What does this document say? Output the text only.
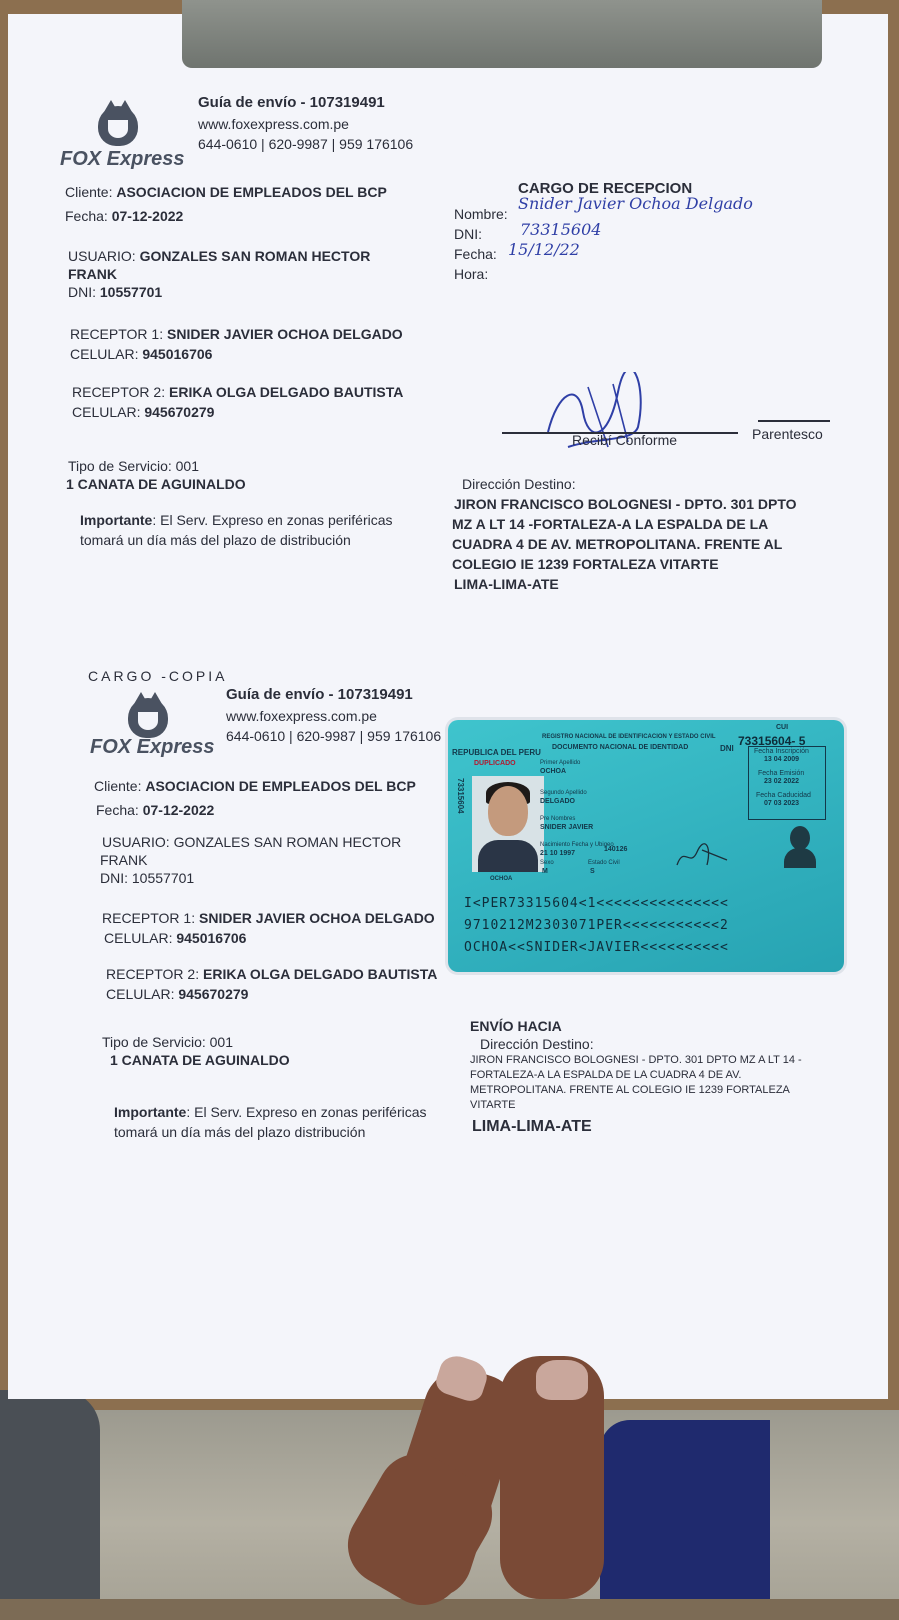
FOX Express
Guía de envío - 107319491
www.foxexpress.com.pe
644-0610 | 620-9987 | 959 176106
Cliente: ASOCIACION DE EMPLEADOS DEL BCP
Fecha: 07-12-2022
USUARIO: GONZALES SAN ROMAN HECTOR
FRANK
DNI: 10557701
RECEPTOR 1: SNIDER JAVIER OCHOA DELGADO
CELULAR: 945016706
RECEPTOR 2: ERIKA OLGA DELGADO BAUTISTA
CELULAR: 945670279
Tipo de Servicio: 001
1 CANATA DE AGUINALDO
Importante: El Serv. Expreso en zonas periféricas
tomará un día más del plazo de distribución
CARGO DE RECEPCION
Nombre:
Snider Javier Ochoa Delgado
DNI: 73315604
Fecha: 15/12/22
Hora:
Recibí Conforme	Parentesco
Dirección Destino:
JIRON FRANCISCO BOLOGNESI - DPTO. 301 DPTO
MZ A LT 14 -FORTALEZA-A LA ESPALDA DE LA
CUADRA 4 DE AV. METROPOLITANA. FRENTE AL
COLEGIO IE 1239 FORTALEZA VITARTE
LIMA-LIMA-ATE
CARGO -COPIA
FOX Express
Guía de envío - 107319491
www.foxexpress.com.pe
644-0610 | 620-9987 | 959 176106
Cliente: ASOCIACION DE EMPLEADOS DEL BCP
Fecha: 07-12-2022
USUARIO: GONZALES SAN ROMAN HECTOR
FRANK
DNI: 10557701
RECEPTOR 1: SNIDER JAVIER OCHOA DELGADO
CELULAR: 945016706
RECEPTOR 2: ERIKA OLGA DELGADO BAUTISTA
CELULAR: 945670279
Tipo de Servicio: 001
1 CANATA DE AGUINALDO
Importante: El Serv. Expreso en zonas periféricas
tomará un día más del plazo distribución
ENVÍO HACIA
Dirección Destino:
JIRON FRANCISCO BOLOGNESI - DPTO. 301 DPTO MZ A LT 14 -
FORTALEZA-A LA ESPALDA DE LA CUADRA 4 DE AV.
METROPOLITANA. FRENTE AL COLEGIO IE 1239 FORTALEZA
VITARTE
LIMA-LIMA-ATE
REPUBLICA DEL PERU
REGISTRO NACIONAL DE IDENTIFICACION Y ESTADO CIVIL
DOCUMENTO NACIONAL DE IDENTIDAD	DNI
CUI
73315604- 5
DUPLICADO
73315604
OCHOA
Primer Apellido
OCHOA
Segundo Apellido
DELGADO
Pre Nombres
SNIDER JAVIER
Nacimiento Fecha y Ubigeo
21 10 1997
140126
Sexo
M
Estado Civil
S
Fecha Inscripción
13 04 2009
Fecha Emisión
23 02 2022
Fecha Caducidad
07 03 2023
I<PER73315604<1<<<<<<<<<<<<<<<
9710212M2303071PER<<<<<<<<<<<2
OCHOA<<SNIDER<JAVIER<<<<<<<<<<
